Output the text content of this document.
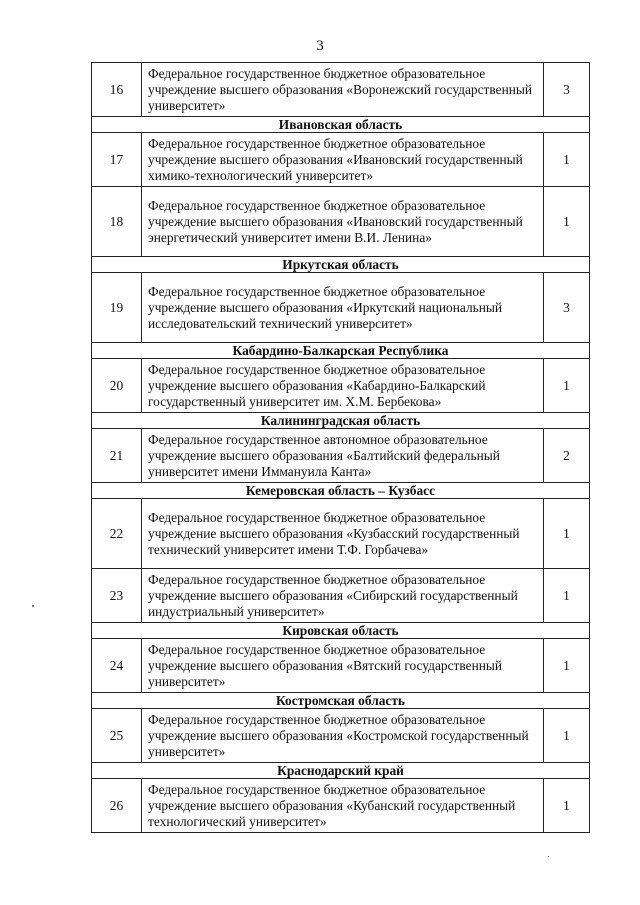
3
16	Федеральное государственное бюджетное образовательное учреждение высшего образования «Воронежский государственный университет»	3
Ивановская область		
17	Федеральное государственное бюджетное образовательное учреждение высшего образования «Ивановский государственный химико-технологический университет»	1
18	Федеральное государственное бюджетное образовательное учреждение высшего образования «Ивановский государственный энергетический университет имени В.И. Ленина»	1
Иркутская область		
19	Федеральное государственное бюджетное образовательное учреждение высшего образования «Иркутский национальный исследовательский технический университет»	3
Кабардино-Балкарская Республика		
20	Федеральное государственное бюджетное образовательное учреждение высшего образования «Кабардино-Балкарский государственный университет им. Х.М. Бербекова»	1
Калининградская область		
21	Федеральное государственное автономное образовательное учреждение высшего образования «Балтийский федеральный университет имени Иммануила Канта»	2
Кемеровская область – Кузбасс		
22	Федеральное государственное бюджетное образовательное учреждение высшего образования «Кузбасский государственный технический университет имени Т.Ф. Горбачева»	1
23	Федеральное государственное бюджетное образовательное учреждение высшего образования «Сибирский государственный индустриальный университет»	1
Кировская область		
24	Федеральное государственное бюджетное образовательное учреждение высшего образования «Вятский государственный университет»	1
Костромская область		
25	Федеральное государственное бюджетное образовательное учреждение высшего образования «Костромской государственный университет»	1
Краснодарский край		
26	Федеральное государственное бюджетное образовательное учреждение высшего образования «Кубанский государственный технологический университет»	1
